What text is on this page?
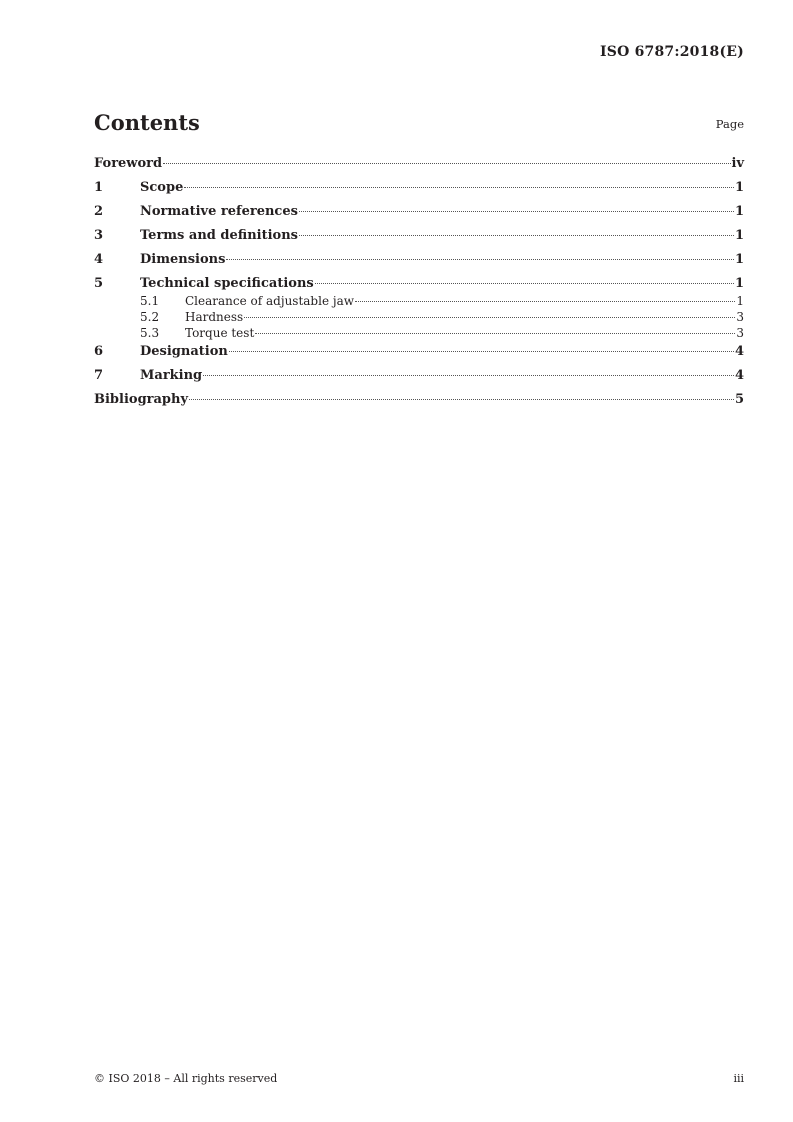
ISO 6787:2018(E)
Contents	Page
Foreword	iv
1	Scope	1
2	Normative references	1
3	Terms and definitions	1
4	Dimensions	1
5	Technical specifications	1
5.1	Clearance of adjustable jaw	1
5.2	Hardness	3
5.3	Torque test	3
6	Designation	4
7	Marking	4
Bibliography	5
© ISO 2018 – All rights reserved	iii
